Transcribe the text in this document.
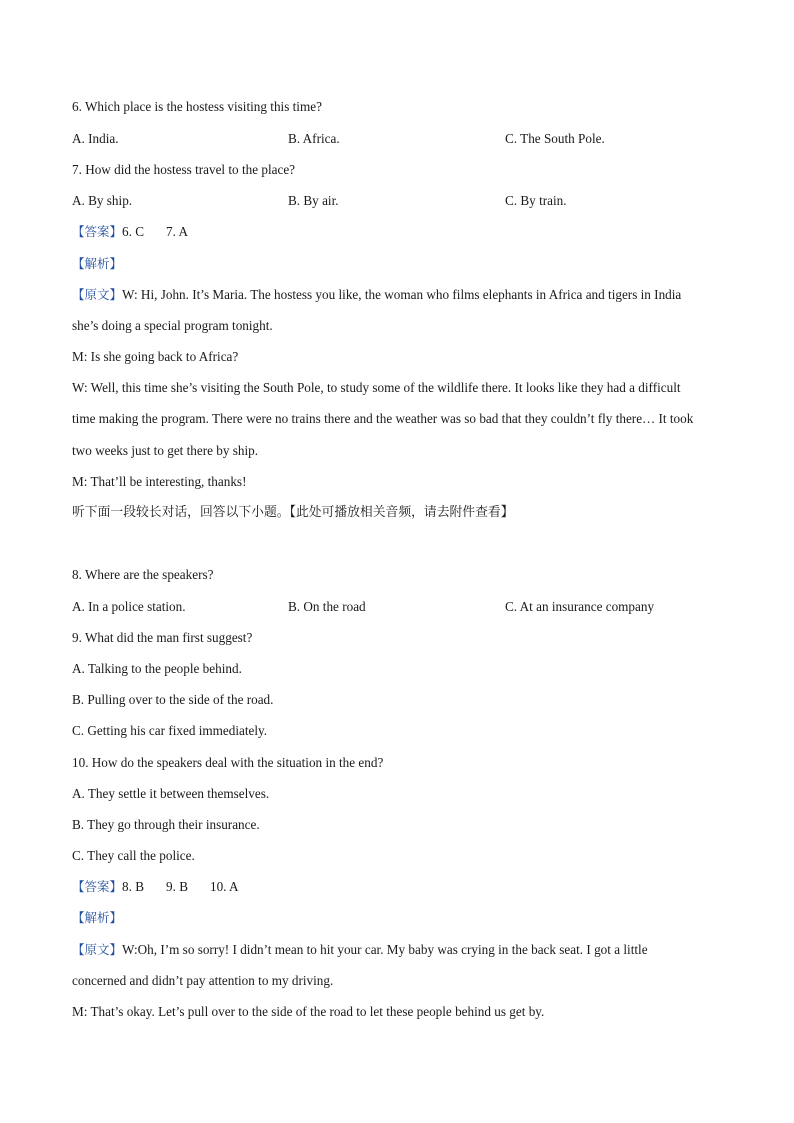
6. Which place is the hostess visiting this time?
A. India.	B. Africa.	C. The South Pole.
7. How did the hostess travel to the place?
A. By ship.	B. By air.	C. By train.
【答案】6. C 7. A
【解析】
【原文】W: Hi, John. It’s Maria. The hostess you like, the woman who films elephants in Africa and tigers in India
she’s doing a special program tonight.
M: Is she going back to Africa?
W: Well, this time she’s visiting the South Pole, to study some of the wildlife there. It looks like they had a difficult
time making the program. There were no trains there and the weather was so bad that they couldn’t fly there… It took
two weeks just to get there by ship.
M: That’ll be interesting, thanks!
听下面一段较长对话，回答以下小题。【此处可播放相关音频，请去附件查看】
8. Where are the speakers?
A. In a police station.	B. On the road	C. At an insurance company
9. What did the man first suggest?
A. Talking to the people behind.
B. Pulling over to the side of the road.
C. Getting his car fixed immediately.
10. How do the speakers deal with the situation in the end?
A. They settle it between themselves.
B. They go through their insurance.
C. They call the police.
【答案】8. B 9. B 10. A
【解析】
【原文】W:Oh, I’m so sorry! I didn’t mean to hit your car. My baby was crying in the back seat. I got a little
concerned and didn’t pay attention to my driving.
M: That’s okay. Let’s pull over to the side of the road to let these people behind us get by.
